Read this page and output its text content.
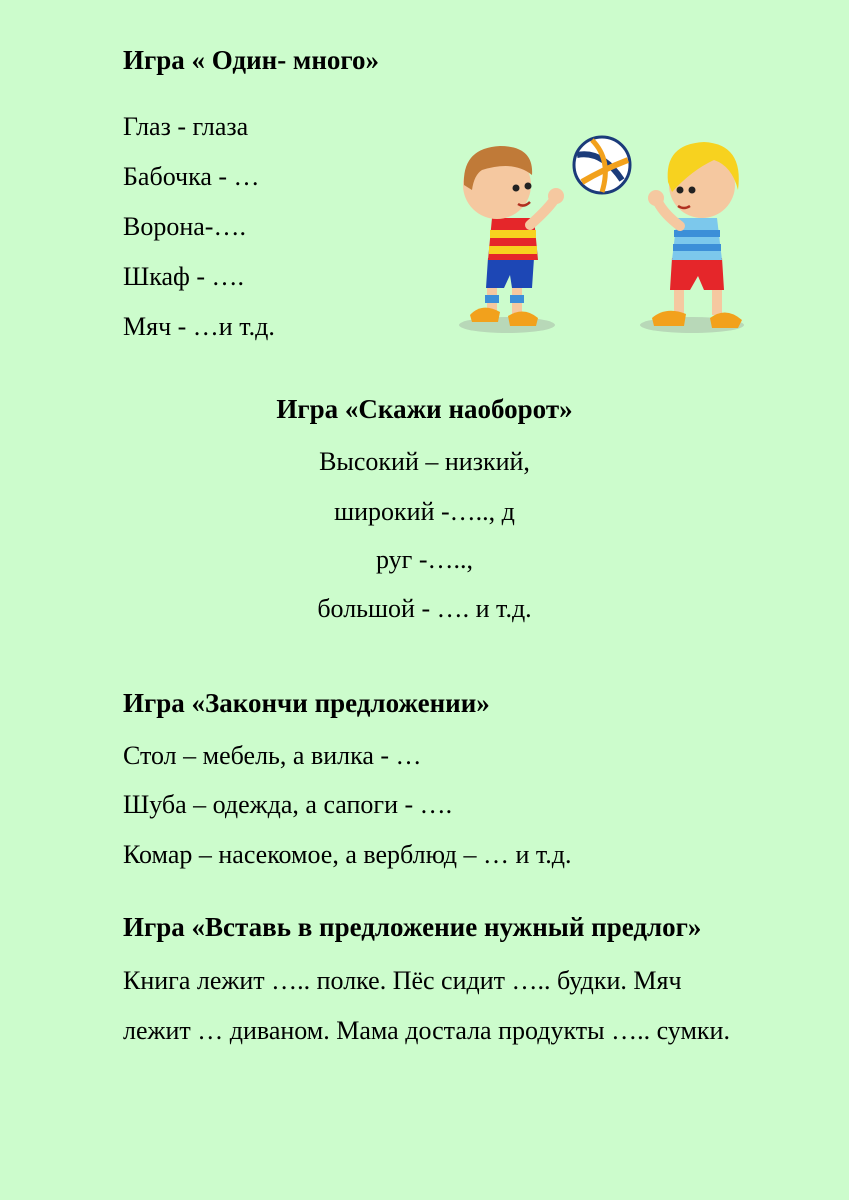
Игра « Один- много»
Глаз - глаза
Бабочка - …
Ворона-….
Шкаф - ….
Мяч - …и т.д.
Игра «Скажи наоборот»
Высокий – низкий,
широкий -….., д
руг -…..,
большой - …. и т.д.
Игра «Закончи предложении»
Стол – мебель, а вилка - …
Шуба – одежда, а сапоги - ….
Комар – насекомое, а верблюд – … и т.д.
Игра «Вставь в предложение нужный предлог»
Книга лежит ….. полке. Пёс сидит ….. будки. Мяч
лежит … диваном. Мама достала продукты ….. сумки.
